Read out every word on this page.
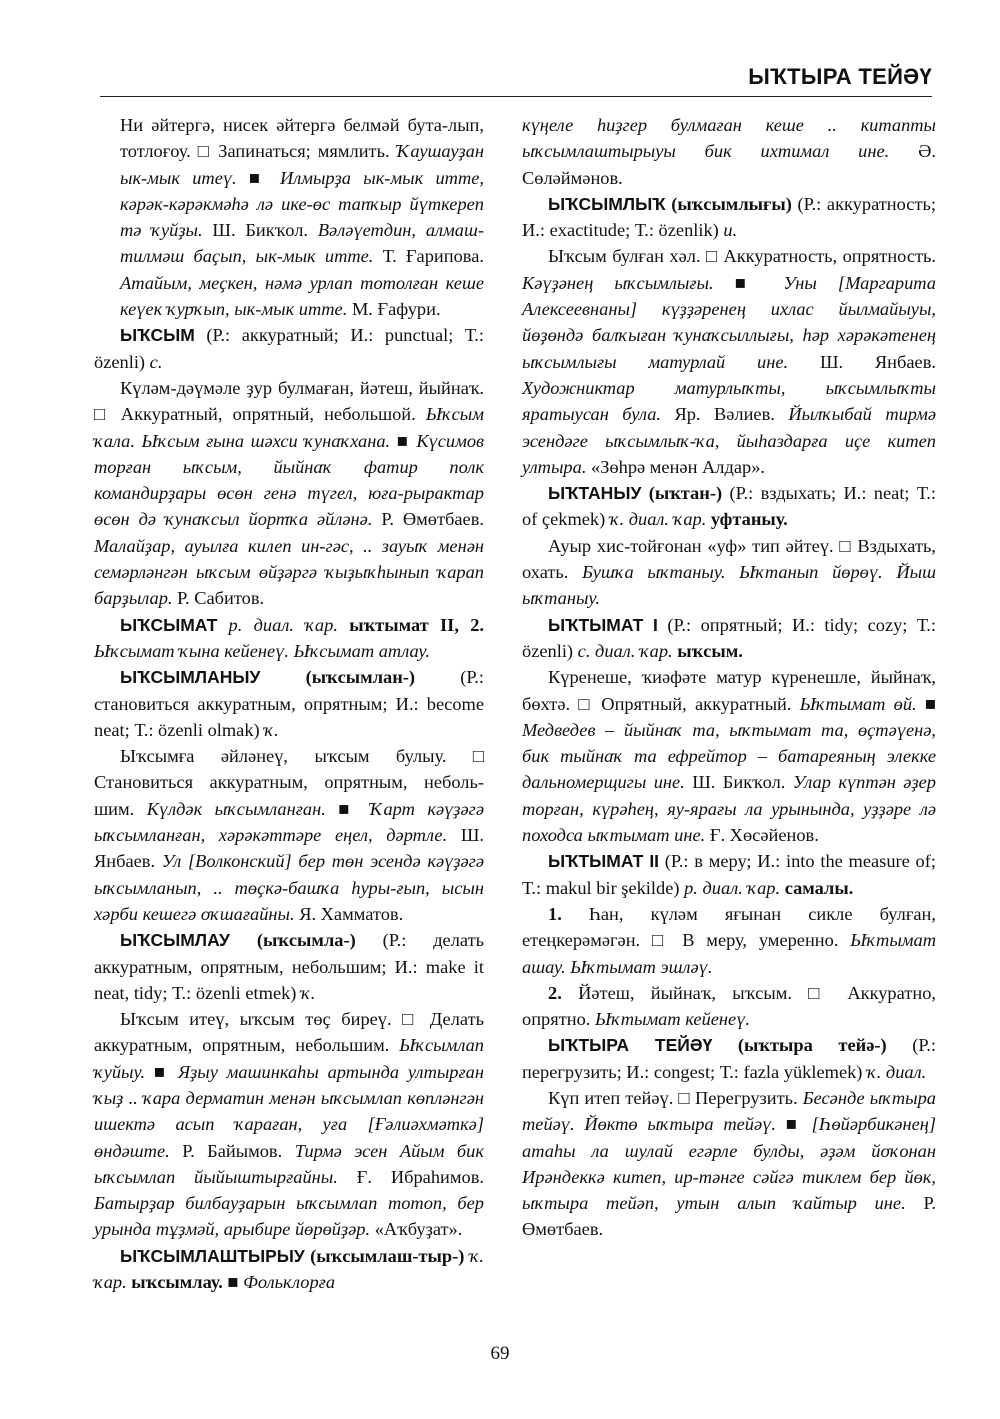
ЫҠТЫРА ТЕЙӘҮ

Ни әйтергә, нисек әйтергә белмәй бута-лып, тотлоғоу. □ Запинаться; мямлить. Ҡаушауҙан ык-мык итеү. ■ Илмырҙа ык-мык итте, кәрәк-кәрәкмәһә лә ике-өс тапҡыр йүткереп тә ҡуйҙы. Ш. Бикҡол. Вәләүетдин, алмаш-тилмәш баҫып, ык-мык итте. Т. Ғарипова. Атайым, меҫкен, нәмә урлап тотолған кеше кеүек ҡурҡып, ык-мык итте. М. Ғафури.

ЫҠСЫМ (Р.: аккуратный; И.: punctual; Т.: özenli) с.

Күләм-дәүмәле ҙур булмаған, йәтеш, йыйнаҡ. □ Аккуратный, опрятный, небольшой. Ыҡсым ҡала. Ыҡсым ғына шәхси ҡунаҡхана. ■ Күсимов торған ыҡсым, йыйнаҡ фатир полк командирҙары өсөн генә түгел, юға-рырактар өсөн дә ҡунаҡсыл йортҡа әйләнә. Р. Өмөтбаев. Малайҙар, ауылға килеп ин-гәс, .. зауыҡ менән семәрләнгән ыҡсым өйҙәргә ҡыҙыҡһынып ҡарап барҙылар. Р. Сабитов.

ЫҠСЫМАТ р. диал. ҡар. ыҡтымат II, 2. Ыҡсымат ҡына кейенеү. Ыҡсымат атлау.

ЫҠСЫМЛАНЫУ (ыҡсымлан-) (Р.: становиться аккуратным, опрятным; И.: become neat; Т.: özenli olmak) ҡ.

Ыҡсымға әйләнеү, ыҡсым булыу. □ Становиться аккуратным, опрятным, неболь-шим. Күлдәк ыҡсымланған. ■ Ҡарт кәүҙәгә ыҡсымланған, хәрәкәттәре еңел, дәртле. Ш. Янбаев. Ул [Волконский] бер төн эсендә кәүҙәгә ыҡсымланып, .. төҫкә-башҡа һуры-ғып, ысын хәрби кешегә оҡшағайны. Я. Хамматов.

ЫҠСЫМЛАУ (ыҡсымла-) (Р.: делать аккуратным, опрятным, небольшим; И.: make it neat, tidy; Т.: özenli etmek) ҡ.

Ыҡсым итеү, ыҡсым төҫ биреү. □ Делать аккуратным, опрятным, небольшим. Ыҡсымлап ҡуйыу. ■ Яҙыу машинкаһы артында ултырған ҡыҙ .. ҡара дерматин менән ыҡсымлап көпләнгән ишектә асып ҡараған, уға [Ғәлиәхмәткә] өндәште. Р. Байымов. Тирмә эсен Айым бик ыҡсымлап йыйыштырғайны. Ғ. Ибраһимов. Батырҙар билбауҙарын ыҡсымлап тотоп, бер урында тұҙмәй, арыбире йөрөйҙәр. «Аҡбуҙат».

ЫҠСЫМЛАШТЫРЫУ (ыҡсымлаш-тыр-) ҡ. ҡар. ыҡсымлау. ■ Фольклорға

күңеле һиҙгер булмаған кеше .. китапты ыҡсымлаштырыуы бик ихтимал ине. Ә. Сөләймәнов.

ЫҠСЫМЛЫҠ (ыҡсымлығы) (Р.: аккуратность; И.: exactitude; Т.: özenlik) и.

Ыҡсым булған хәл. □ Аккуратность, опрятность. Кәүҙәнең ыҡсымлығы. ■ Уны [Маргарита Алексеевнаны] күҙҙәренең ихлас йылмайыуы, йөҙөндә балҡыған ҡунаҡсыллығы, һәр хәрәкәтенең ыҡсымлығы матурлай ине. Ш. Янбаев. Художниктар матурлыҡты, ыҡсымлыҡты яратыусан була. Яр. Вәлиев. Йылҡыбай тирмә эсендәге ыҡсымлыҡ-ҡа, йыһаздарға иҫе китеп ултыра. «Зөһрә менән Алдар».

ЫҠТАНЫУ (ыҡтан-) (Р.: вздыхать; И.: neat; Т.: of çekmek) ҡ. диал. ҡар. уфтаныу.

Ауыр хис-тойғонан «уф» тип әйтеү. □ Вздыхать, охать. Бушҡа ыҡтаныу. Ыҡтанып йөрөү. Йыш ыҡтаныу.

ЫҠТЫМАТ I (Р.: опрятный; И.: tidy; cozy; Т.: özenli) с. диал. ҡар. ыҡсым.

Күренеше, ҡиәфәте матур күренешле, йыйнаҡ, бөхтә. □ Опрятный, аккуратный. Ыҡтымат өй. ■ Медведев – йыйнаҡ та, ыҡтымат та, өҫтәүенә, бик тыйнаҡ та ефрейтор – батареяның элекке дальномерщигы ине. Ш. Бикҡол. Улар күптән әҙер торған, күрәһең, яу-ярағы ла урынында, уҙҙәре лә походса ыҡтымат ине. Ғ. Хөсәйенов.

ЫҠТЫМАТ II (Р.: в меру; И.: into the measure of; Т.: makul bir şekilde) р. диал. ҡар. самалы.

1. Һан, күләм яғынан сикле булған, етеңкерәмәгән. □ В меру, умеренно. Ыҡтымат ашау. Ыҡтымат эшләү.

2. Йәтеш, йыйнаҡ, ыҡсым. □ Аккуратно, опрятно. Ыҡтымат кейенеү.

ЫҠТЫРА ТЕЙӘҮ (ыҡтыра тейә-) (Р.: перегрузить; И.: congest; Т.: fazla yüklemek) ҡ. диал.

Күп итеп тейәү. □ Перегрузить. Бесәнде ыҡтыра тейәү. Йөктө ыҡтыра тейәү. ■ [Һөйәрбикәнең] атаһы ла шулай егәрле булды, әҙәм йоҡонан Ирәндеккә китеп, ир-тәнге сәйгә тиклем бер йөк, ыҡтыра тейәп, утын алып ҡайтыр ине. Р. Өмөтбаев.

69
